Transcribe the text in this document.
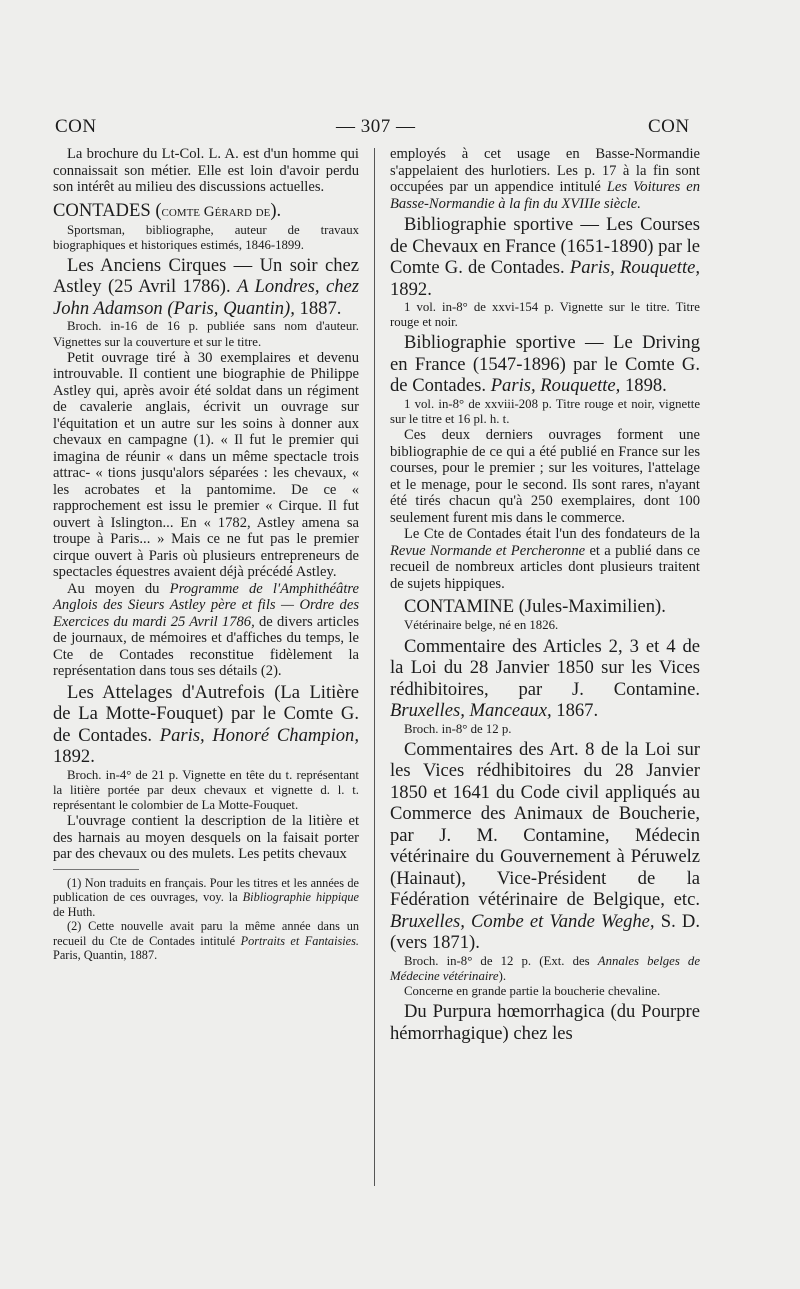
CON	— 307 —	CON

La brochure du Lt-Col. L. A. est d'un homme qui connaissait son métier. Elle est loin d'avoir perdu son intérêt au milieu des discussions actuelles.

CONTADES (comte Gérard de).

Sportsman, bibliographe, auteur de travaux biographiques et historiques estimés, 1846-1899.

Les Anciens Cirques — Un soir chez Astley (25 Avril 1786). A Londres, chez John Adamson (Paris, Quantin), 1887.

Broch. in-16 de 16 p. publiée sans nom d'auteur. Vignettes sur la couverture et sur le titre.

Petit ouvrage tiré à 30 exemplaires et devenu introuvable. Il contient une biographie de Philippe Astley qui, après avoir été soldat dans un régiment de cavalerie anglais, écrivit un ouvrage sur l'équitation et un autre sur les soins à donner aux chevaux en campagne (1). « Il fut le premier qui imagina de réunir « dans un même spectacle trois attrac- « tions jusqu'alors séparées : les chevaux, « les acrobates et la pantomime. De ce « rapprochement est issu le premier « Cirque. Il fut ouvert à Islington... En « 1782, Astley amena sa troupe à Paris... » Mais ce ne fut pas le premier cirque ouvert à Paris où plusieurs entrepreneurs de spectacles équestres avaient déjà précédé Astley.

Au moyen du Programme de l'Amphithéâtre Anglois des Sieurs Astley père et fils — Ordre des Exercices du mardi 25 Avril 1786, de divers articles de journaux, de mémoires et d'affiches du temps, le Cte de Contades reconstitue fidèlement la représentation dans tous ses détails (2).

Les Attelages d'Autrefois (La Litière de La Motte-Fouquet) par le Comte G. de Contades. Paris, Honoré Champion, 1892.

Broch. in-4° de 21 p. Vignette en tête du t. représentant la litière portée par deux chevaux et vignette d. l. t. représentant le colombier de La Motte-Fouquet.

L'ouvrage contient la description de la litière et des harnais au moyen desquels on la faisait porter par des chevaux ou des mulets. Les petits chevaux

(1) Non traduits en français. Pour les titres et les années de publication de ces ouvrages, voy. la Bibliographie hippique de Huth.

(2) Cette nouvelle avait paru la même année dans un recueil du Cte de Contades intitulé Portraits et Fantaisies. Paris, Quantin, 1887.

employés à cet usage en Basse-Normandie s'appelaient des hurlotiers. Les p. 17 à la fin sont occupées par un appendice intitulé Les Voitures en Basse-Normandie à la fin du XVIIIe siècle.

Bibliographie sportive — Les Courses de Chevaux en France (1651-1890) par le Comte G. de Contades. Paris, Rouquette, 1892.

1 vol. in-8° de xxvi-154 p. Vignette sur le titre. Titre rouge et noir.

Bibliographie sportive — Le Driving en France (1547-1896) par le Comte G. de Contades. Paris, Rouquette, 1898.

1 vol. in-8° de xxviii-208 p. Titre rouge et noir, vignette sur le titre et 16 pl. h. t.

Ces deux derniers ouvrages forment une bibliographie de ce qui a été publié en France sur les courses, pour le premier ; sur les voitures, l'attelage et le menage, pour le second. Ils sont rares, n'ayant été tirés chacun qu'à 250 exemplaires, dont 100 seulement furent mis dans le commerce.

Le Cte de Contades était l'un des fondateurs de la Revue Normande et Percheronne et a publié dans ce recueil de nombreux articles dont plusieurs traitent de sujets hippiques.

CONTAMINE (Jules-Maximilien).

Vétérinaire belge, né en 1826.

Commentaire des Articles 2, 3 et 4 de la Loi du 28 Janvier 1850 sur les Vices rédhibitoires, par J. Contamine. Bruxelles, Manceaux, 1867.

Broch. in-8° de 12 p.

Commentaires des Art. 8 de la Loi sur les Vices rédhibitoires du 28 Janvier 1850 et 1641 du Code civil appliqués au Commerce des Animaux de Boucherie, par J. M. Contamine, Médecin vétérinaire du Gouvernement à Péruwelz (Hainaut), Vice-Président de la Fédération vétérinaire de Belgique, etc. Bruxelles, Combe et Vande Weghe, S. D. (vers 1871).

Broch. in-8° de 12 p. (Ext. des Annales belges de Médecine vétérinaire).

Concerne en grande partie la boucherie chevaline.

Du Purpura hœmorrhagica (du Pourpre hémorrhagique) chez les
